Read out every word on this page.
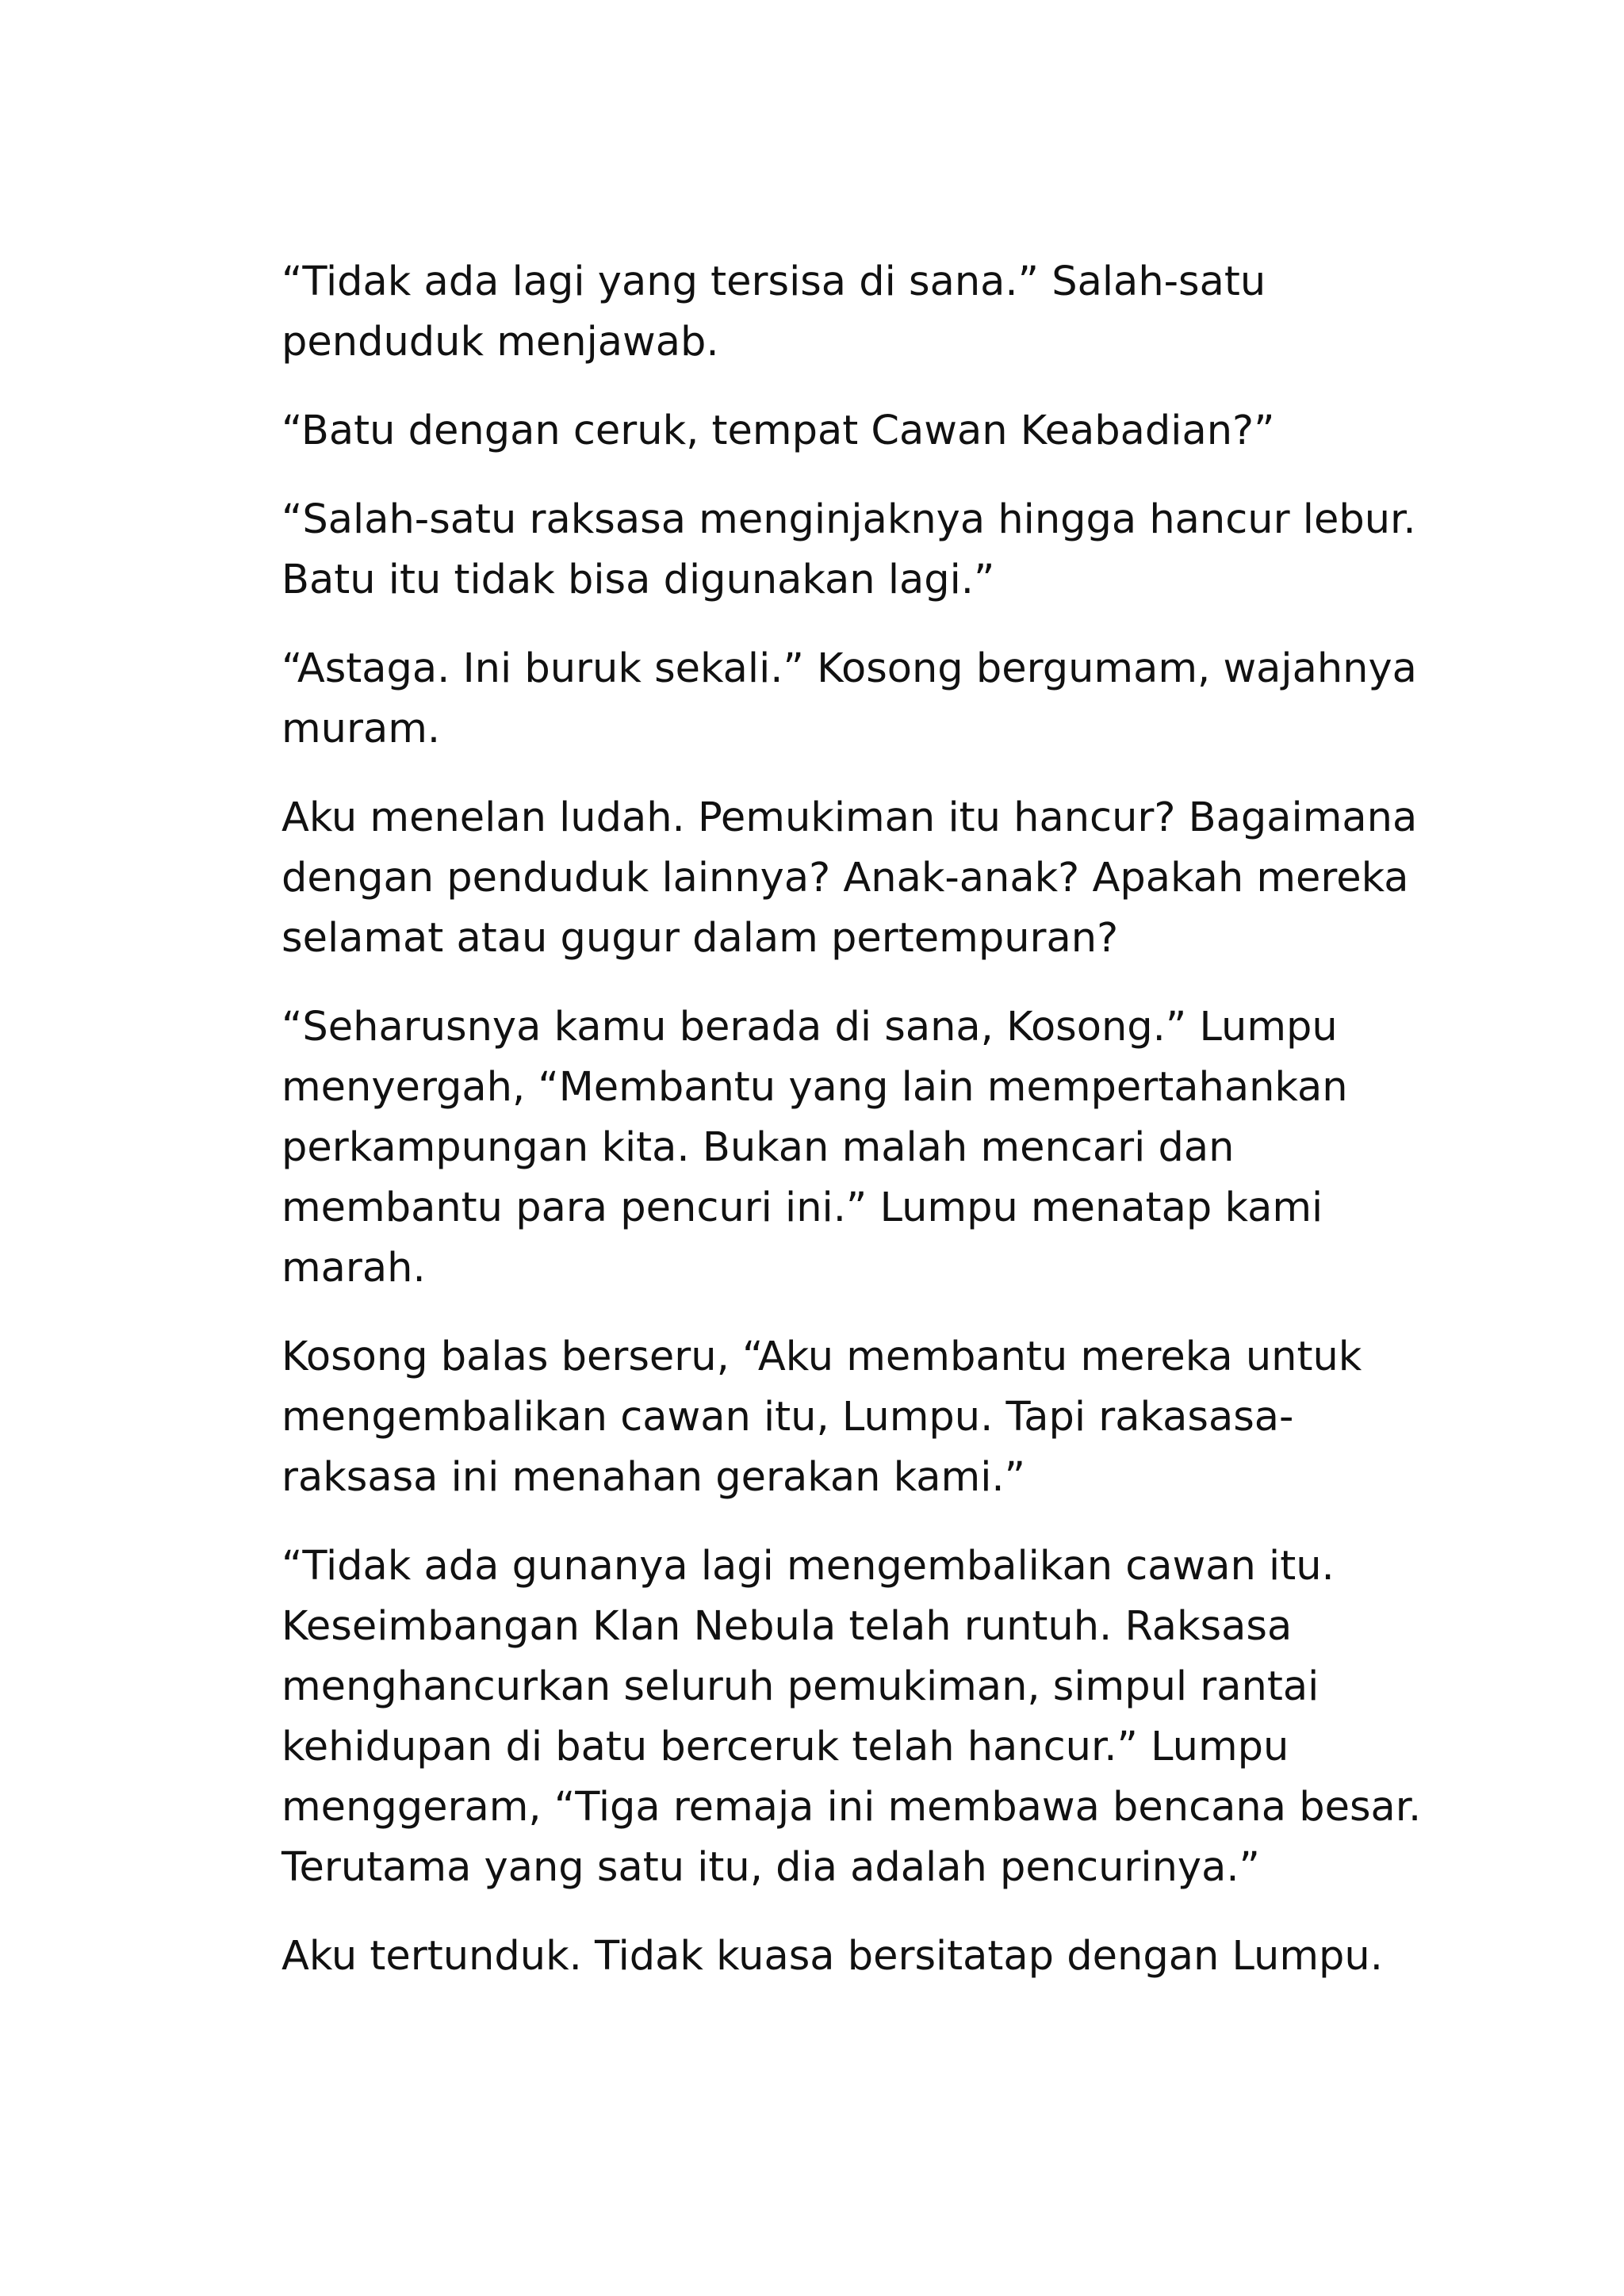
“Tidak ada lagi yang tersisa di sana.” Salah-satu
penduduk menjawab.

“Batu dengan ceruk, tempat Cawan Keabadian?”

“Salah-satu raksasa menginjaknya hingga hancur lebur.
Batu itu tidak bisa digunakan lagi.”

“Astaga. Ini buruk sekali.” Kosong bergumam, wajahnya
muram.

Aku menelan ludah. Pemukiman itu hancur? Bagaimana
dengan penduduk lainnya? Anak-anak? Apakah mereka
selamat atau gugur dalam pertempuran?

“Seharusnya kamu berada di sana, Kosong.” Lumpu
menyergah, “Membantu yang lain mempertahankan
perkampungan kita. Bukan malah mencari dan
membantu para pencuri ini.” Lumpu menatap kami
marah.

Kosong balas berseru, “Aku membantu mereka untuk
mengembalikan cawan itu, Lumpu. Tapi rakasasa-
raksasa ini menahan gerakan kami.”

“Tidak ada gunanya lagi mengembalikan cawan itu.
Keseimbangan Klan Nebula telah runtuh. Raksasa
menghancurkan seluruh pemukiman, simpul rantai
kehidupan di batu berceruk telah hancur.” Lumpu
menggeram, “Tiga remaja ini membawa bencana besar.
Terutama yang satu itu, dia adalah pencurinya.”

Aku tertunduk. Tidak kuasa bersitatap dengan Lumpu.
